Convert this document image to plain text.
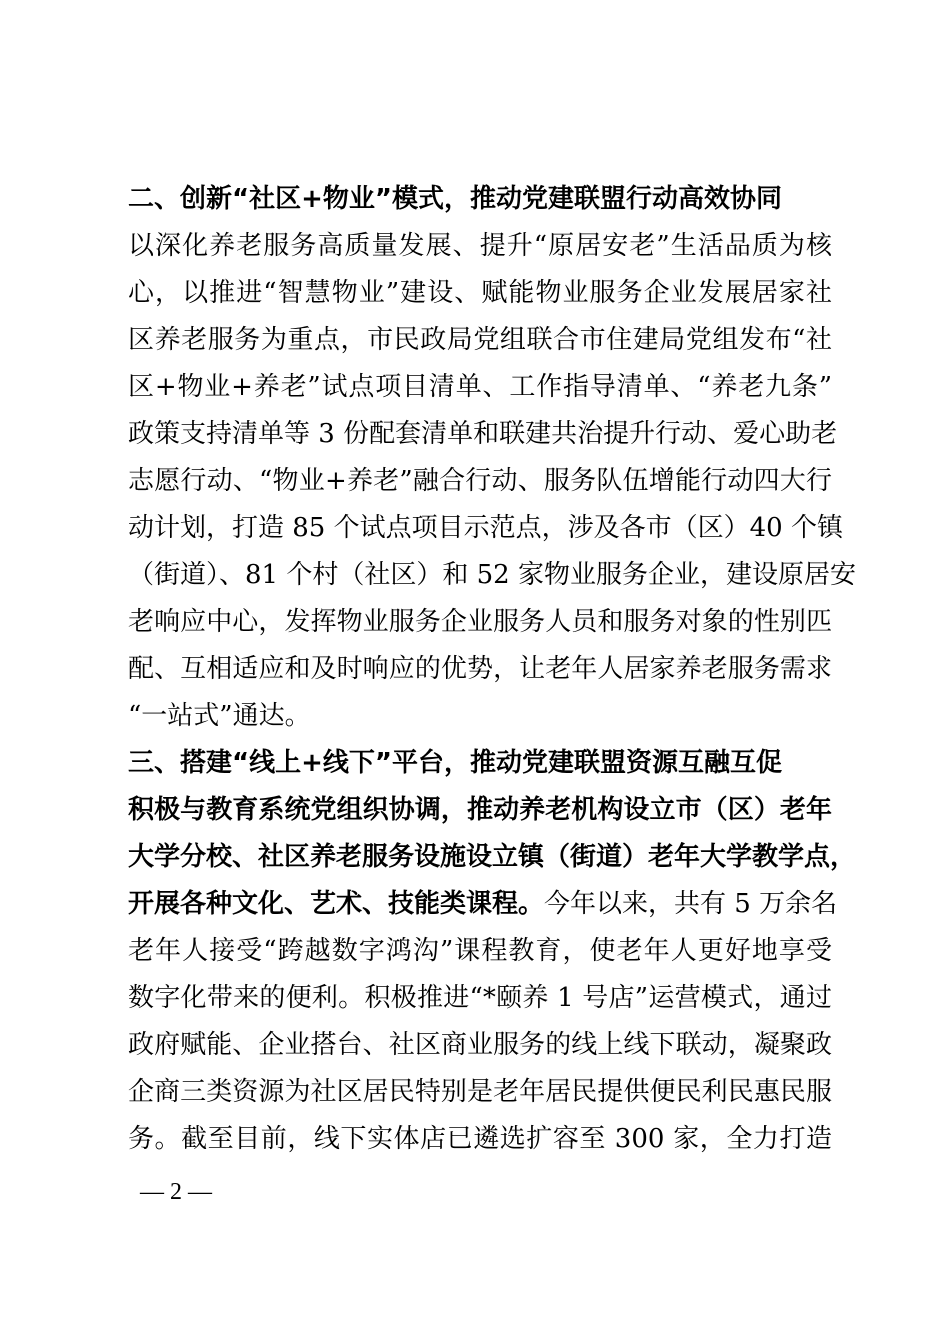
二、创新“社区+物业”模式，推动党建联盟行动高效协同
以深化养老服务高质量发展、提升“原居安老”生活品质为核
心，以推进“智慧物业”建设、赋能物业服务企业发展居家社
区养老服务为重点，市民政局党组联合市住建局党组发布“社
区+物业+养老”试点项目清单、工作指导清单、“养老九条”
政策支持清单等 3 份配套清单和联建共治提升行动、爱心助老
志愿行动、“物业+养老”融合行动、服务队伍增能行动四大行
动计划，打造 85 个试点项目示范点，涉及各市（区）40 个镇
（街道）、81 个村（社区）和 52 家物业服务企业，建设原居安
老响应中心，发挥物业服务企业服务人员和服务对象的性别匹
配、互相适应和及时响应的优势，让老年人居家养老服务需求
“一站式”通达。
三、搭建“线上+线下”平台，推动党建联盟资源互融互促
积极与教育系统党组织协调，推动养老机构设立市（区）老年
大学分校、社区养老服务设施设立镇（街道）老年大学教学点，
开展各种文化、艺术、技能类课程。今年以来，共有 5 万余名
老年人接受“跨越数字鸿沟”课程教育，使老年人更好地享受
数字化带来的便利。积极推进“*颐养 1 号店”运营模式，通过
政府赋能、企业搭台、社区商业服务的线上线下联动，凝聚政
企商三类资源为社区居民特别是老年居民提供便民利民惠民服
务。截至目前，线下实体店已遴选扩容至 300 家，全力打造
— 2 —
